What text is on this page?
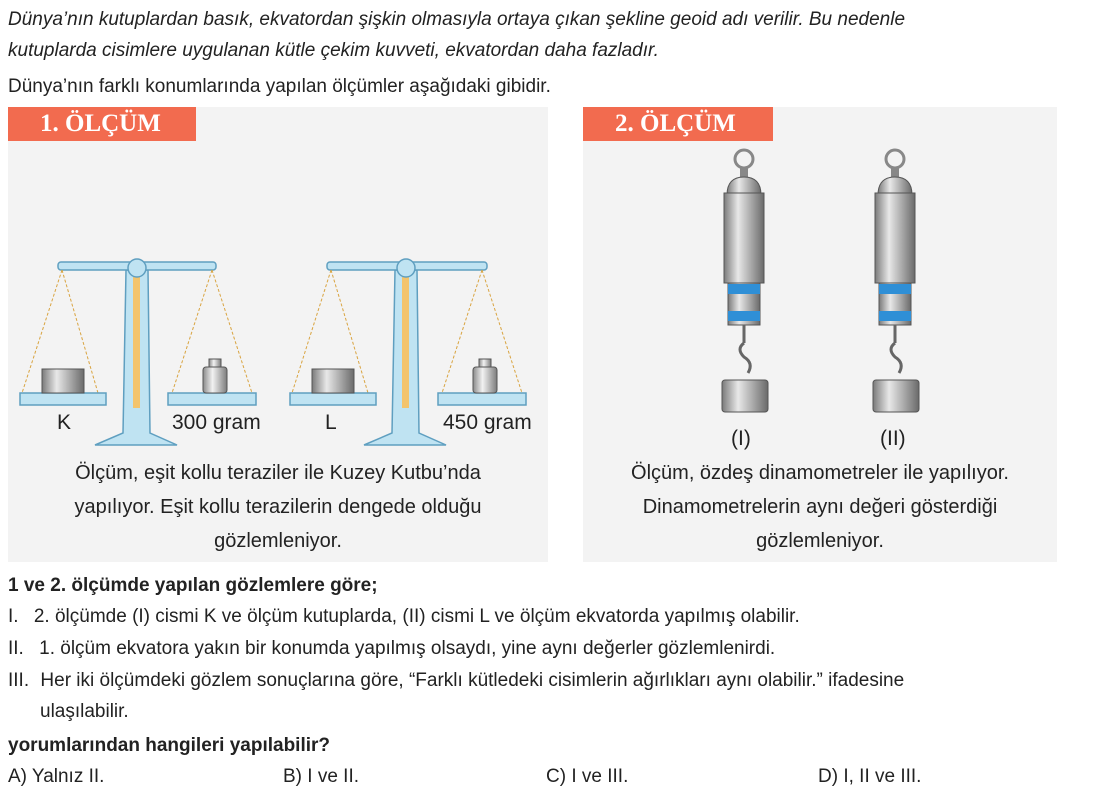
Dünya’nın kutuplardan basık, ekvatordan şişkin olmasıyla ortaya çıkan şekline geoid adı verilir. Bu nedenle
kutuplarda cisimlere uygulanan kütle çekim kuvveti, ekvatordan daha fazladır.
Dünya’nın farklı konumlarında yapılan ölçümler aşağıdaki gibidir.
1. ÖLÇÜM	2. ÖLÇÜM
K	300 gram	L	450 gram
Ölçüm, eşit kollu teraziler ile Kuzey Kutbu’nda
yapılıyor. Eşit kollu terazilerin dengede olduğu
gözlemleniyor.
(I)	(II)
Ölçüm, özdeş dinamometreler ile yapılıyor.
Dinamometrelerin aynı değeri gösterdiği
gözlemleniyor.
1 ve 2. ölçümde yapılan gözlemlere göre;
I. 2. ölçümde (I) cismi K ve ölçüm kutuplarda, (II) cismi L ve ölçüm ekvatorda yapılmış olabilir.
II. 1. ölçüm ekvatora yakın bir konumda yapılmış olsaydı, yine aynı değerler gözlemlenirdi.
III. Her iki ölçümdeki gözlem sonuçlarına göre, “Farklı kütledeki cisimlerin ağırlıkları aynı olabilir.” ifadesine
ulaşılabilir.
yorumlarından hangileri yapılabilir?
A) Yalnız II.	B) I ve II.	C) I ve III.	D) I, II ve III.
